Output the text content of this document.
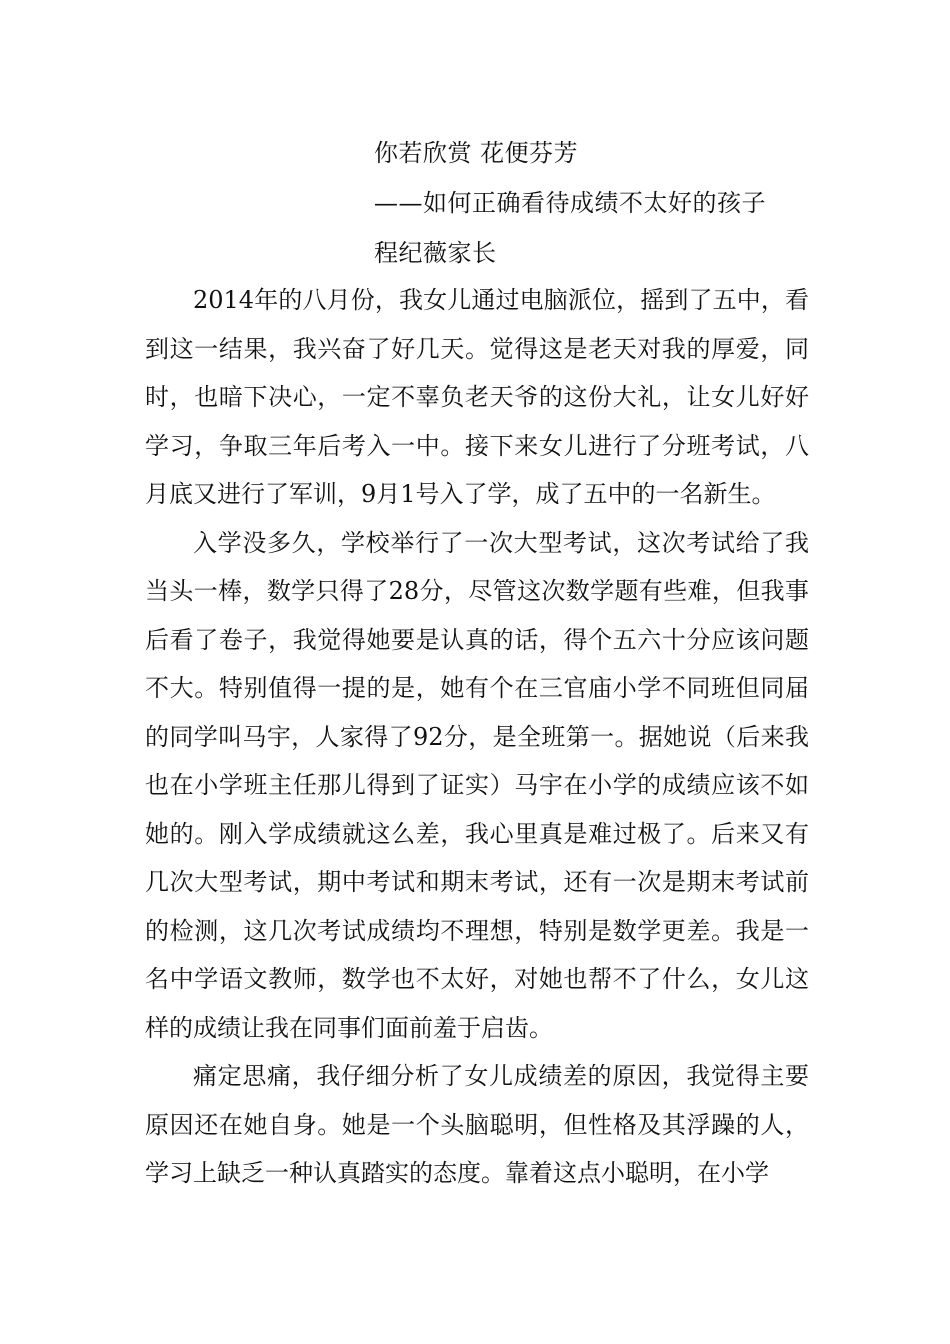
你若欣赏 花便芬芳
——如何正确看待成绩不太好的孩子
程纪薇家长

2014年的八月份，我女儿通过电脑派位，摇到了五中，看到这一结果，我兴奋了好几天。觉得这是老天对我的厚爱，同时，也暗下决心，一定不辜负老天爷的这份大礼，让女儿好好学习，争取三年后考入一中。接下来女儿进行了分班考试，八月底又进行了军训，9月1号入了学，成了五中的一名新生。

入学没多久，学校举行了一次大型考试，这次考试给了我当头一棒，数学只得了28分，尽管这次数学题有些难，但我事后看了卷子，我觉得她要是认真的话，得个五六十分应该问题不大。特别值得一提的是，她有个在三官庙小学不同班但同届的同学叫马宇，人家得了92分，是全班第一。据她说（后来我也在小学班主任那儿得到了证实）马宇在小学的成绩应该不如她的。刚入学成绩就这么差，我心里真是难过极了。后来又有几次大型考试，期中考试和期末考试，还有一次是期末考试前的检测，这几次考试成绩均不理想，特别是数学更差。我是一名中学语文教师，数学也不太好，对她也帮不了什么，女儿这样的成绩让我在同事们面前羞于启齿。

痛定思痛，我仔细分析了女儿成绩差的原因，我觉得主要原因还在她自身。她是一个头脑聪明，但性格及其浮躁的人，学习上缺乏一种认真踏实的态度。靠着这点小聪明，在小学
